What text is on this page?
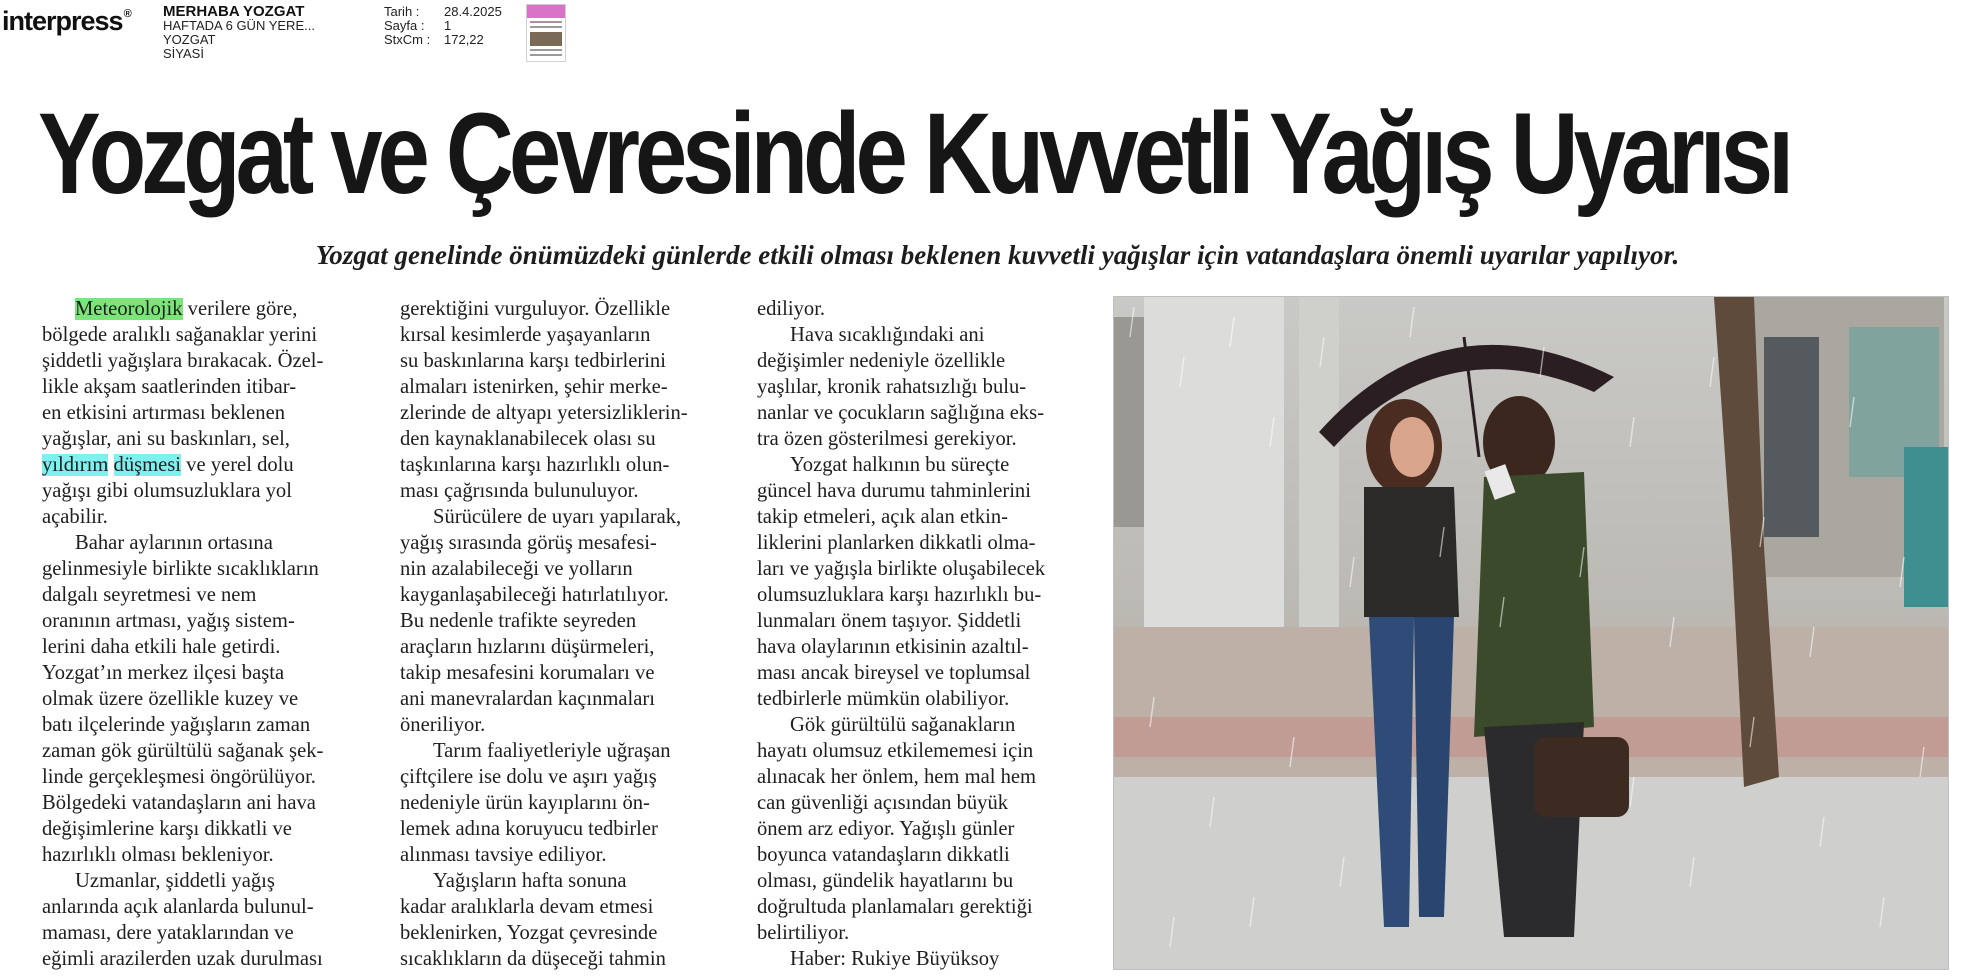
interpress® MERHABA YOZGAT
HAFTADA 6 GÜN YERE...
YOZGAT
SİYASİ
Tarih :	28.4.2025
Sayfa :	1
StxCm :	172,22
Yozgat ve Çevresinde Kuvvetli Yağış Uyarısı

Yozgat genelinde önümüzdeki günlerde etkili olması beklenen kuvvetli yağışlar için vatandaşlara önemli uyarılar yapılıyor.

Meteorolojik verilere göre,
bölgede aralıklı sağanaklar yerini
şiddetli yağışlara bırakacak. Özel-
likle akşam saatlerinden itibar-
en etkisini artırması beklenen
yağışlar, ani su baskınları, sel,
yıldırım düşmesi ve yerel dolu
yağışı gibi olumsuzluklara yol
açabilir.
Bahar aylarının ortasına
gelinmesiyle birlikte sıcaklıkların
dalgalı seyretmesi ve nem
oranının artması, yağış sistem-
lerini daha etkili hale getirdi.
Yozgat’ın merkez ilçesi başta
olmak üzere özellikle kuzey ve
batı ilçelerinde yağışların zaman
zaman gök gürültülü sağanak şek-
linde gerçekleşmesi öngörülüyor.
Bölgedeki vatandaşların ani hava
değişimlerine karşı dikkatli ve
hazırlıklı olması bekleniyor.
Uzmanlar, şiddetli yağış
anlarında açık alanlarda bulunul-
maması, dere yataklarından ve
eğimli arazilerden uzak durulması
gerektiğini vurguluyor. Özellikle
kırsal kesimlerde yaşayanların
su baskınlarına karşı tedbirlerini
almaları istenirken, şehir merke-
zlerinde de altyapı yetersizliklerin-
den kaynaklanabilecek olası su
taşkınlarına karşı hazırlıklı olun-
ması çağrısında bulunuluyor.
Sürücülere de uyarı yapılarak,
yağış sırasında görüş mesafesi-
nin azalabileceği ve yolların
kayganlaşabileceği hatırlatılıyor.
Bu nedenle trafikte seyreden
araçların hızlarını düşürmeleri,
takip mesafesini korumaları ve
ani manevralardan kaçınmaları
öneriliyor.
Tarım faaliyetleriyle uğraşan
çiftçilere ise dolu ve aşırı yağış
nedeniyle ürün kayıplarını ön-
lemek adına koruyucu tedbirler
alınması tavsiye ediliyor.
Yağışların hafta sonuna
kadar aralıklarla devam etmesi
beklenirken, Yozgat çevresinde
sıcaklıkların da düşeceği tahmin
ediliyor.
Hava sıcaklığındaki ani
değişimler nedeniyle özellikle
yaşlılar, kronik rahatsızlığı bulu-
nanlar ve çocukların sağlığına eks-
tra özen gösterilmesi gerekiyor.
Yozgat halkının bu süreçte
güncel hava durumu tahminlerini
takip etmeleri, açık alan etkin-
liklerini planlarken dikkatli olma-
ları ve yağışla birlikte oluşabilecek
olumsuzluklara karşı hazırlıklı bu-
lunmaları önem taşıyor. Şiddetli
hava olaylarının etkisinin azaltıl-
ması ancak bireysel ve toplumsal
tedbirlerle mümkün olabiliyor.
Gök gürültülü sağanakların
hayatı olumsuz etkilememesi için
alınacak her önlem, hem mal hem
can güvenliği açısından büyük
önem arz ediyor. Yağışlı günler
boyunca vatandaşların dikkatli
olması, gündelik hayatlarını bu
doğrultuda planlamaları gerektiği
belirtiliyor.
Haber: Rukiye Büyüksoy
